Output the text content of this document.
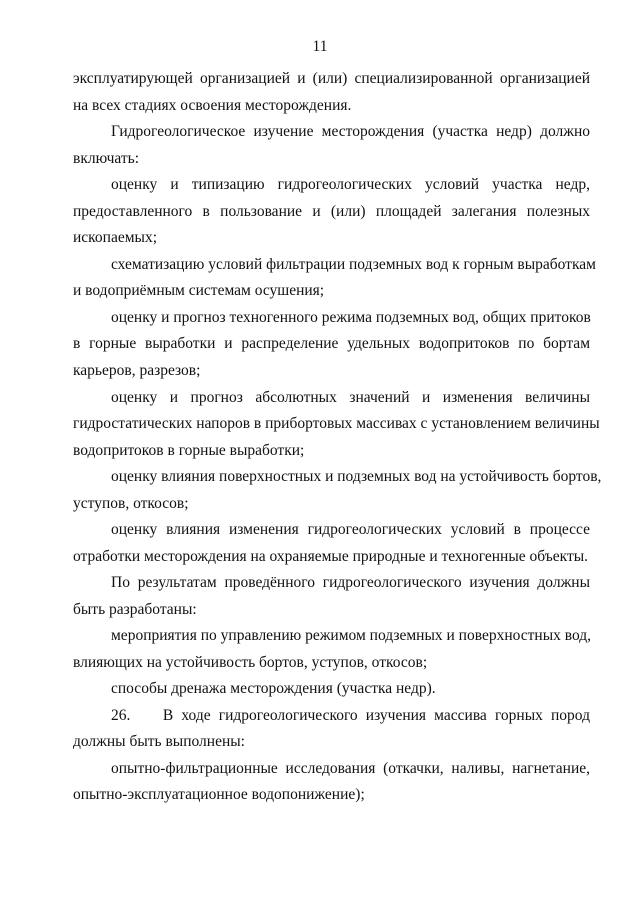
11
эксплуатирующей организацией и (или) специализированной организацией
на всех стадиях освоения месторождения.
Гидрогеологическое изучение месторождения (участка недр) должно
включать:
оценку и типизацию гидрогеологических условий участка недр,
предоставленного в пользование и (или) площадей залегания полезных
ископаемых;
схематизацию условий фильтрации подземных вод к горным выработкам
и водоприёмным системам осушения;
оценку и прогноз техногенного режима подземных вод, общих притоков
в горные выработки и распределение удельных водопритоков по бортам
карьеров, разрезов;
оценку и прогноз абсолютных значений и изменения величины
гидростатических напоров в прибортовых массивах с установлением величины
водопритоков в горные выработки;
оценку влияния поверхностных и подземных вод на устойчивость бортов,
уступов, откосов;
оценку влияния изменения гидрогеологических условий в процессе
отработки месторождения на охраняемые природные и техногенные объекты.
По результатам проведённого гидрогеологического изучения должны
быть разработаны:
мероприятия по управлению режимом подземных и поверхностных вод,
влияющих на устойчивость бортов, уступов, откосов;
способы дренажа месторождения (участка недр).
26.    В ходе гидрогеологического изучения массива горных пород
должны быть выполнены:
опытно-фильтрационные исследования (откачки, наливы, нагнетание,
опытно-эксплуатационное водопонижение);
